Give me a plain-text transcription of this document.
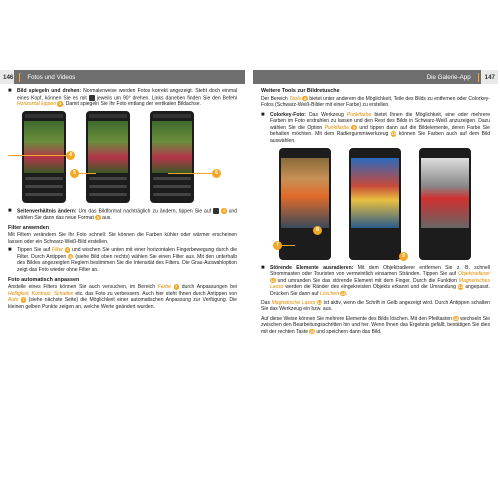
146	Fotos und Videos
■ Bild spiegeln und drehen: Normalerweise werden Fotos korrekt angezeigt. Steht doch einmal eines Kopf, können Sie es mit  jeweils um 90° drehen. Links daneben finden Sie den Befehl Horizontal kippen 3 . Damit spiegeln Sie Ihr Foto entlang der vertikalen Bildachse.
4
5	6
■ Seitenverhältnis ändern: Um das Bildformat nachträglich zu ändern, tippen Sie auf  4 und wählen Sie dann das neue Format 5 aus.
Filter anwenden
Mit Filtern verändern Sie Ihr Foto schnell: Sie können die Farben kühler oder wärmer erscheinen lassen oder ein Schwarz-Weiß-Bild erstellen.
■ Tippen Sie auf Filter 6 und wischen Sie unten mit einer horizontalen Fingerbewegung durch die Filter. Durch Antippen 6 (siehe Bild oben rechts) wählen Sie einen Filter aus. Mit den unterhalb des Bildes angezeigten Reglern bestimmen Sie die Intensität des Filters. Die Grau-Auswahloption zeigt das Foto wieder ohne Filter an.
Foto automatisch anpassen
Anstelle eines Filters können Sie auch versuchen, im Bereich Farbe 7 durch Anpassungen bei Helligkeit, Kontrast, Schatten etc. das Foto zu verbessern. Auch hier steht Ihnen durch Antippen von Auto 7 (siehe nächste Seite) die Möglichkeit einer automatischen Anpassung zur Verfügung. Die kleinen gelben Punkte zeigen an, welche Werte geändert wurden.
Die Galerie-App	147
Weitere Tools zur Bildretusche
Der Bereich Tools 8 bietet unter anderem die Möglichkeit, Teile des Bilds zu entfernen oder Colorkey-Fotos (Schwarz-Weiß-Bilder mit einer Farbe) zu erstellen.
■ Colorkey-Foto: Das Werkzeug Punktfarbe bietet Ihnen die Möglichkeit, eine oder mehrere Farben im Foto erstrahlen zu lassen und den Rest des Bilds in Schwarz-Weiß anzuzeigen. Dazu wählen Sie die Option Punktfarbe 9 und tippen dann auf die Bildelemente, deren Farbe Sie behalten möchten. Mit dem Radiergummiwerkzeug 10 können Sie Farben auch auf dem Bild auswählen.
7
8
9
■ Störende Elemente ausradieren: Mit dem Objektradierer entfernen Sie z. B. schnell Strommasten oder Touristen von vermeintlich einsamen Stränden. Tippen Sie auf Objektradierer 11 und umranden Sie das störende Element mit dem Finger. Durch die Funktion Magnetisches Lasso werden die Ränder des eingekreisten Objekts erkannt und die Umrandung 12 angepasst. Drücken Sie dann auf Löschen 13.
Das Magnetische Lasso 14 ist aktiv, wenn die Schrift in Gelb angezeigt wird. Durch Antippen schalten Sie das Werkzeug ein bzw. aus.
Auf diese Weise können Sie mehrere Elemente des Bilds löschen. Mit den Pfeiltasten 15 wechseln Sie zwischen den Bearbeitungsschritten hin und her. Wenn Ihnen das Ergebnis gefällt, bestätigen Sie dies mit der rechten Taste 15 und speichern dann das Bild.
